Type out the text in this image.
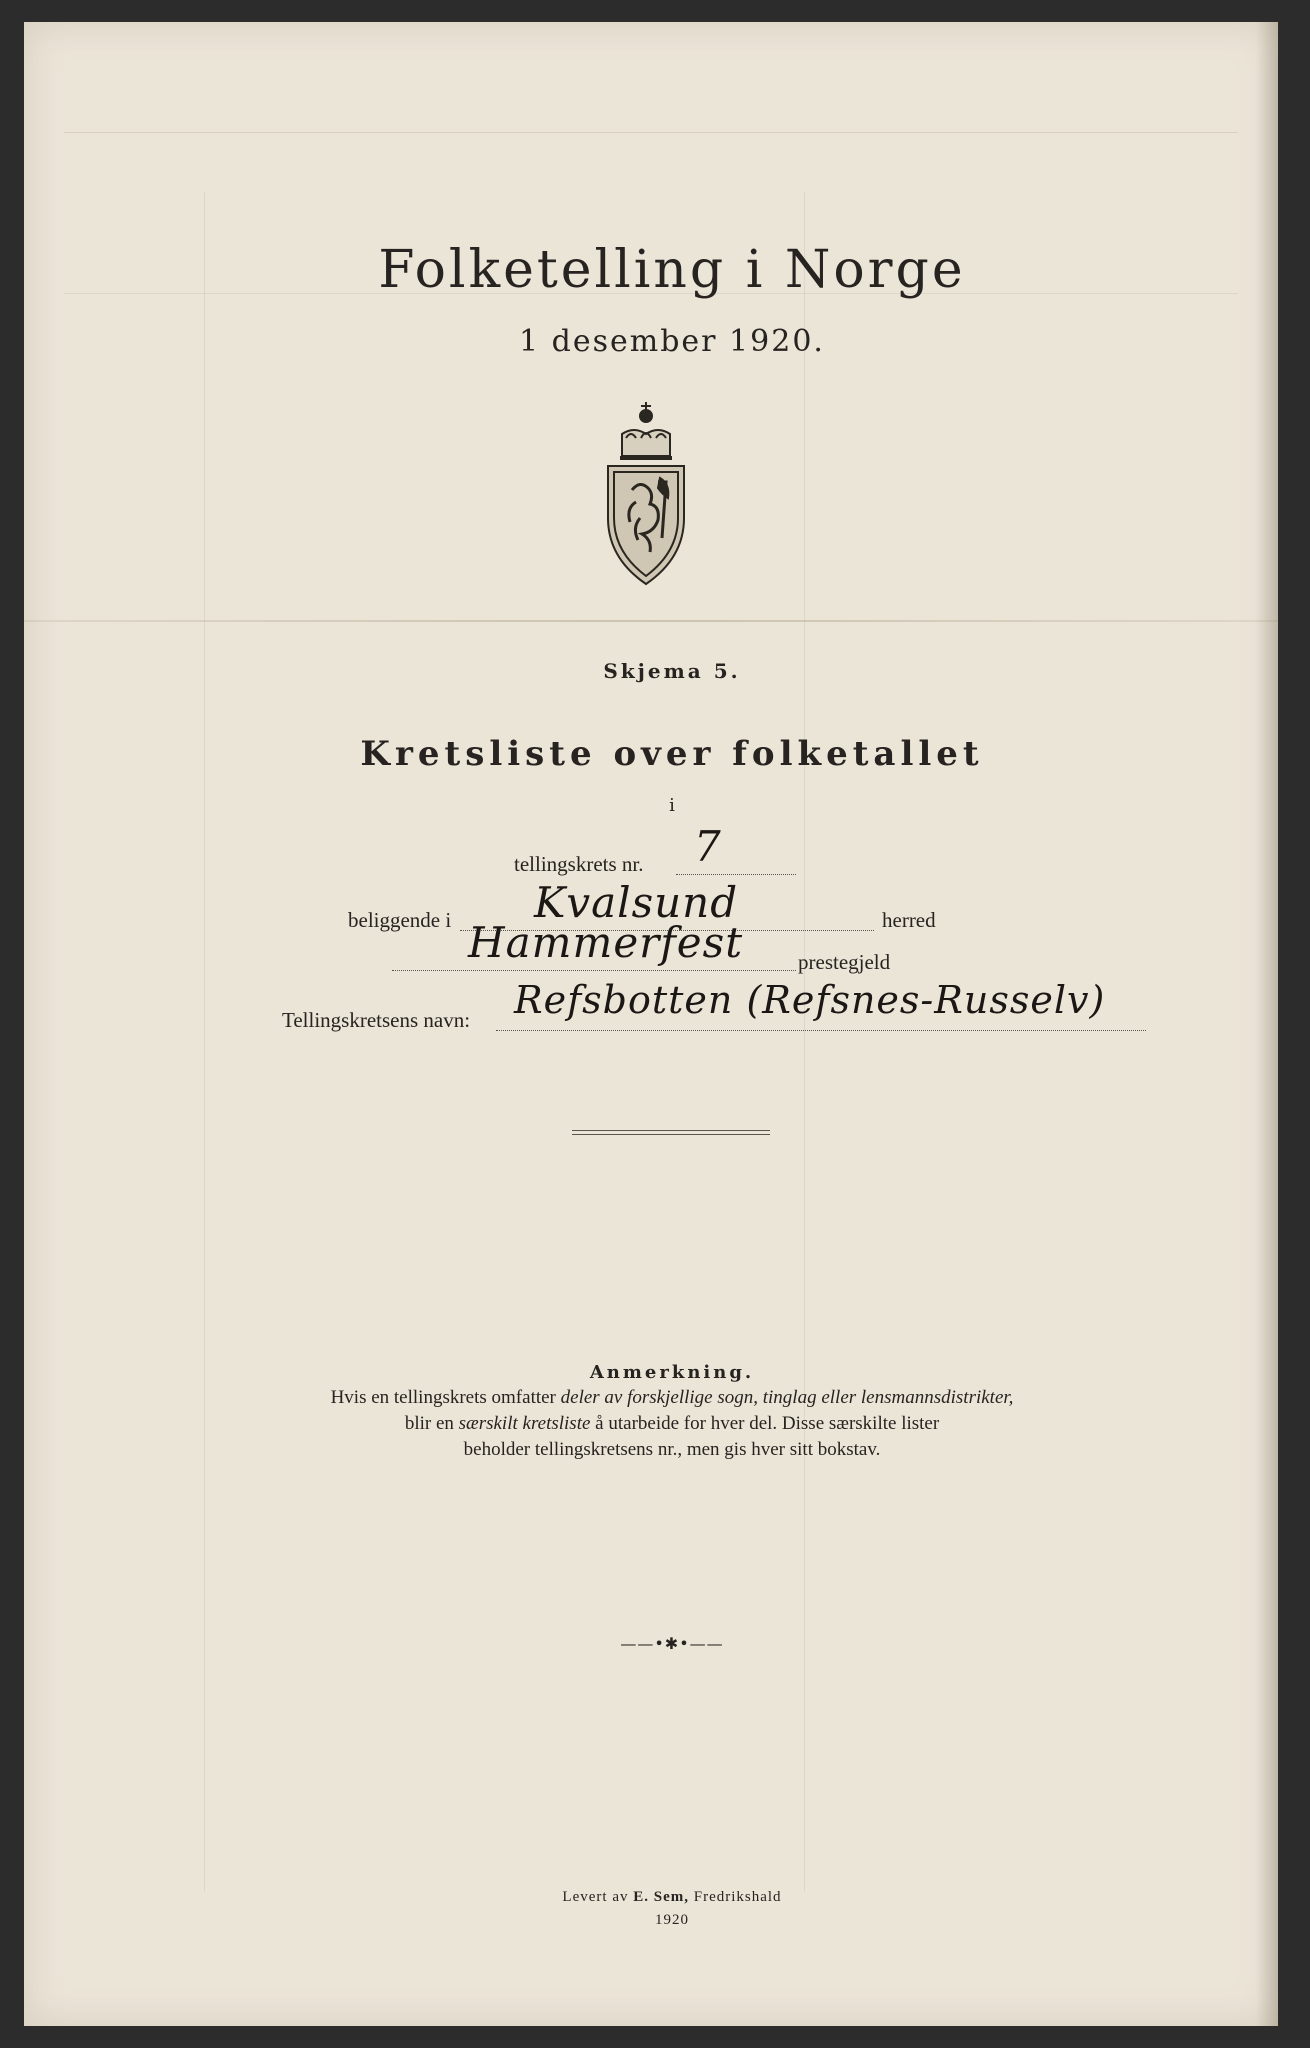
Folketelling i Norge
1 desember 1920.
Skjema 5.
Kretsliste over folketallet
i
tellingskrets nr. 7
beliggende i Kvalsund	herred
Hammerfest	prestegjeld
Tellingskretsens navn: Refsbotten (Refsnes-Russelv)
Anmerkning.
Hvis en tellingskrets omfatter deler av forskjellige sogn, tinglag eller lensmannsdistrikter,
blir en særskilt kretsliste å utarbeide for hver del. Disse særskilte lister
beholder tellingskretsens nr., men gis hver sitt bokstav.
——•✱•——
Levert av E. Sem, Fredrikshald
1920
